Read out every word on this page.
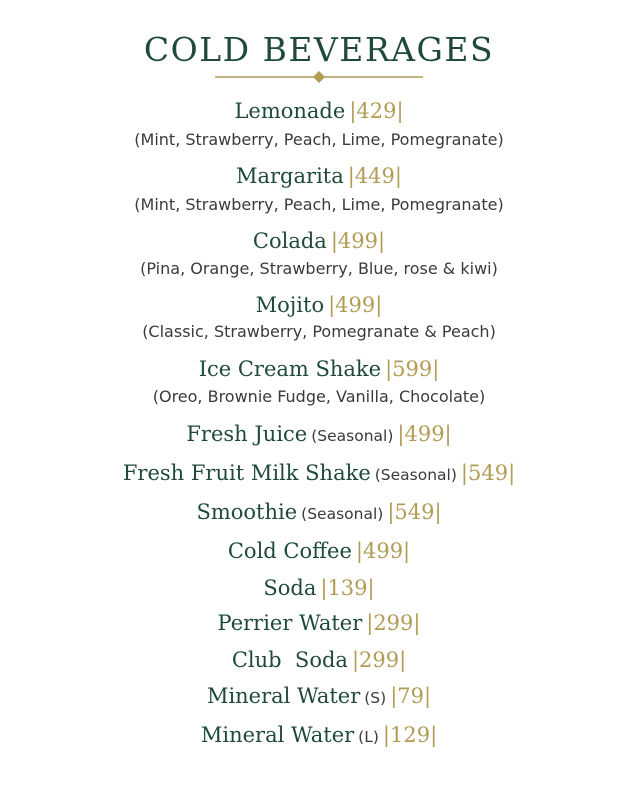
COLD BEVERAGES
Lemonade |429|
(Mint, Strawberry, Peach, Lime, Pomegranate)
Margarita |449|
(Mint, Strawberry, Peach, Lime, Pomegranate)
Colada |499|
(Pina, Orange, Strawberry, Blue, rose & kiwi)
Mojito |499|
(Classic, Strawberry, Pomegranate & Peach)
Ice Cream Shake |599|
(Oreo, Brownie Fudge, Vanilla, Chocolate)
Fresh Juice (Seasonal) |499|
Fresh Fruit Milk Shake (Seasonal) |549|
Smoothie (Seasonal) |549|
Cold Coffee |499|
Soda |139|
Perrier Water |299|
Club  Soda |299|
Mineral Water (S) |79|
Mineral Water (L) |129|
